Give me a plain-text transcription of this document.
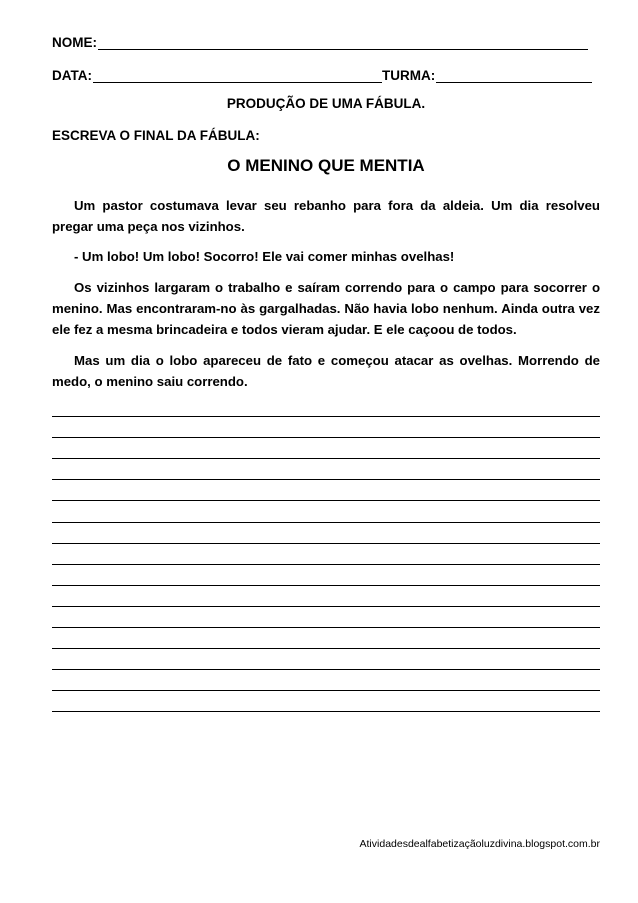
NOME:
DATA:	TURMA:
PRODUÇÃO DE UMA FÁBULA.
ESCREVA O FINAL DA FÁBULA:
O MENINO QUE MENTIA
Um pastor costumava levar seu rebanho para fora da aldeia. Um dia resolveu pregar uma peça nos vizinhos.
- Um lobo! Um lobo! Socorro! Ele vai comer minhas ovelhas!
Os vizinhos largaram o trabalho e saíram correndo para o campo para socorrer o menino. Mas encontraram-no às gargalhadas. Não havia lobo nenhum. Ainda outra vez ele fez a mesma brincadeira e todos vieram ajudar. E ele caçoou de todos.
Mas um dia o lobo apareceu de fato e começou atacar as ovelhas. Morrendo de medo, o menino saiu correndo.
Atividadesdealfabetizaçãoluzdivina.blogspot.com.br
